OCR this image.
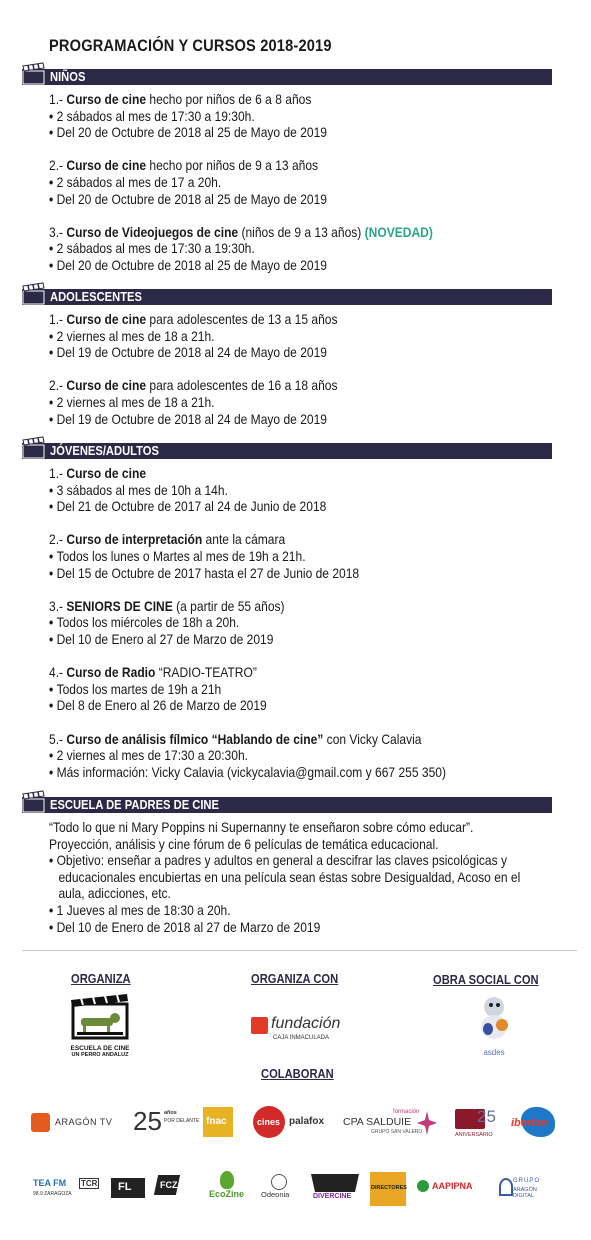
PROGRAMACIÓN Y CURSOS 2018-2019
NIÑOS
1.- Curso de cine hecho por niños de 6 a 8 años
• 2 sábados al mes de 17:30 a 19:30h.
• Del 20 de Octubre de 2018 al 25 de Mayo de 2019
2.- Curso de cine hecho por niños de 9 a 13 años
• 2 sábados al mes de 17 a 20h.
• Del 20 de Octubre de 2018 al 25 de Mayo de 2019
3.- Curso de Videojuegos de cine (niños de 9 a 13 años) (NOVEDAD)
• 2 sábados al mes de 17:30 a 19:30h.
• Del 20 de Octubre de 2018 al 25 de Mayo de 2019
ADOLESCENTES
1.- Curso de cine para adolescentes de 13 a 15 años
• 2 viernes al mes de 18 a 21h.
• Del 19 de Octubre de 2018 al 24 de Mayo de 2019
2.- Curso de cine para adolescentes de 16 a 18 años
• 2 viernes al mes de 18 a 21h.
• Del 19 de Octubre de 2018 al 24 de Mayo de 2019
JÓVENES/ADULTOS
1.- Curso de cine
• 3 sábados al mes de 10h a 14h.
• Del 21 de Octubre de 2017 al 24 de Junio de 2018
2.- Curso de interpretación ante la cámara
• Todos los lunes o Martes al mes de 19h a 21h.
• Del 15 de Octubre de 2017 hasta el 27 de Junio de 2018
3.- SENIORS DE CINE (a partir de 55 años)
• Todos los miércoles de 18h a 20h.
• Del 10 de Enero al 27 de Marzo de 2019
4.- Curso de Radio “RADIO-TEATRO”
• Todos los martes de 19h a 21h
• Del 8 de Enero al 26 de Marzo de 2019
5.- Curso de análisis fílmico “Hablando de cine” con Vicky Calavia
• 2 viernes al mes de 17:30 a 20:30h.
• Más información: Vicky Calavia (vickycalavia@gmail.com y 667 255 350)
ESCUELA DE PADRES DE CINE
“Todo lo que ni Mary Poppins ni Supernanny te enseñaron sobre cómo educar”.
Proyección, análisis y cine fórum de 6 películas de temática educacional.
• Objetivo: enseñar a padres y adultos en general a descifrar las claves psicológicas y
educacionales encubiertas en una película sean éstas sobre Desigualdad, Acoso en el
aula, adicciones, etc.
• 1 Jueves al mes de 18:30 a 20h.
• Del 10 de Enero de 2018 al 27 de Marzo de 2019
ORGANIZA	ORGANIZA CON	OBRA SOCIAL CON
COLABORAN
ESCUELA DE CINE
UN PERRO ANDALUZ
fundación
CAJA INMACULADA
asdes
ARAGÓN TV 25 años
POR DELANTE fnac	cines palafox
formación
CPA SALDUIE
GRUPO SAN VALERO
25
ANIVERSARIO
iberfan
TEA FM TCR
98.9 ZARAGOZA
FL	FCZ
EcoZine Odeonia	DIVERCINE
DIRECTORES	AAPIPNA	GRUPO
ARAGÓN DIGITAL
